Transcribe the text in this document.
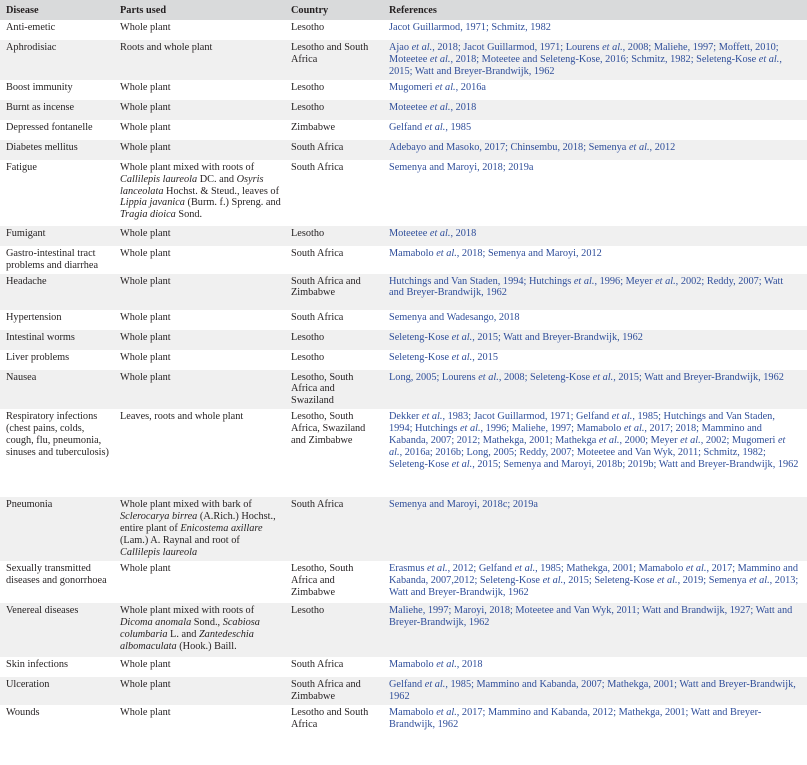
Disease	Parts used	Country	References
Anti-emetic	Whole plant	Lesotho	Jacot Guillarmod, 1971; Schmitz, 1982
Aphrodisiac	Roots and whole plant	Lesotho and South Africa	Ajao et al., 2018; Jacot Guillarmod, 1971; Lourens et al., 2008; Maliehe, 1997; Moffett, 2010; Moteetee et al., 2018; Moteetee and Seleteng-Kose, 2016; Schmitz, 1982; Seleteng-Kose et al., 2015; Watt and Breyer-Brandwijk, 1962
Boost immunity	Whole plant	Lesotho	Mugomeri et al., 2016a
Burnt as incense	Whole plant	Lesotho	Moteetee et al., 2018
Depressed fontanelle	Whole plant	Zimbabwe	Gelfand et al., 1985
Diabetes mellitus	Whole plant	South Africa	Adebayo and Masoko, 2017; Chinsembu, 2018; Semenya et al., 2012
Fatigue	Whole plant mixed with roots of Callilepis laureola DC. and Osyris lanceolata Hochst. & Steud., leaves of Lippia javanica (Burm. f.) Spreng. and Tragia dioica Sond.	South Africa	Semenya and Maroyi, 2018; 2019a
Fumigant	Whole plant	Lesotho	Moteetee et al., 2018
Gastro-intestinal tract problems and diarrhea	Whole plant	South Africa	Mamabolo et al., 2018; Semenya and Maroyi, 2012
Headache	Whole plant	South Africa and Zimbabwe	Hutchings and Van Staden, 1994; Hutchings et al., 1996; Meyer et al., 2002; Reddy, 2007; Watt and Breyer-Brandwijk, 1962
Hypertension	Whole plant	South Africa	Semenya and Wadesango, 2018
Intestinal worms	Whole plant	Lesotho	Seleteng-Kose et al., 2015; Watt and Breyer-Brandwijk, 1962
Liver problems	Whole plant	Lesotho	Seleteng-Kose et al., 2015
Nausea	Whole plant	Lesotho, South Africa and Swaziland	Long, 2005; Lourens et al., 2008; Seleteng-Kose et al., 2015; Watt and Breyer-Brandwijk, 1962
Respiratory infections (chest pains, colds, cough, flu, pneumonia, sinuses and tuberculosis)	Leaves, roots and whole plant	Lesotho, South Africa, Swaziland and Zimbabwe	Dekker et al., 1983; Jacot Guillarmod, 1971; Gelfand et al., 1985; Hutchings and Van Staden, 1994; Hutchings et al., 1996; Maliehe, 1997; Mamabolo et al., 2017; 2018; Mammino and Kabanda, 2007; 2012; Mathekga, 2001; Mathekga et al., 2000; Meyer et al., 2002; Mugomeri et al., 2016a; 2016b; Long, 2005; Reddy, 2007; Moteetee and Van Wyk, 2011; Schmitz, 1982; Seleteng-Kose et al., 2015; Semenya and Maroyi, 2018b; 2019b; Watt and Breyer-Brandwijk, 1962
Pneumonia	Whole plant mixed with bark of Sclerocarya birrea (A.Rich.) Hochst., entire plant of Enicostema axillare (Lam.) A. Raynal and root of Callilepis laureola	South Africa	Semenya and Maroyi, 2018c; 2019a
Sexually transmitted diseases and gonorrhoea	Whole plant	Lesotho, South Africa and Zimbabwe	Erasmus et al., 2012; Gelfand et al., 1985; Mathekga, 2001; Mamabolo et al., 2017; Mammino and Kabanda, 2007,2012; Seleteng-Kose et al., 2015; Seleteng-Kose et al., 2019; Semenya et al., 2013; Watt and Breyer-Brandwijk, 1962
Venereal diseases	Whole plant mixed with roots of Dicoma anomala Sond., Scabiosa columbaria L. and Zantedeschia albomaculata (Hook.) Baill.	Lesotho	Maliehe, 1997; Maroyi, 2018; Moteetee and Van Wyk, 2011; Watt and Brandwijk, 1927; Watt and Breyer-Brandwijk, 1962
Skin infections	Whole plant	South Africa	Mamabolo et al., 2018
Ulceration	Whole plant	South Africa and Zimbabwe	Gelfand et al., 1985; Mammino and Kabanda, 2007; Mathekga, 2001; Watt and Breyer-Brandwijk, 1962
Wounds	Whole plant	Lesotho and South Africa	Mamabolo et al., 2017; Mammino and Kabanda, 2012; Mathekga, 2001; Watt and Breyer-Brandwijk, 1962
